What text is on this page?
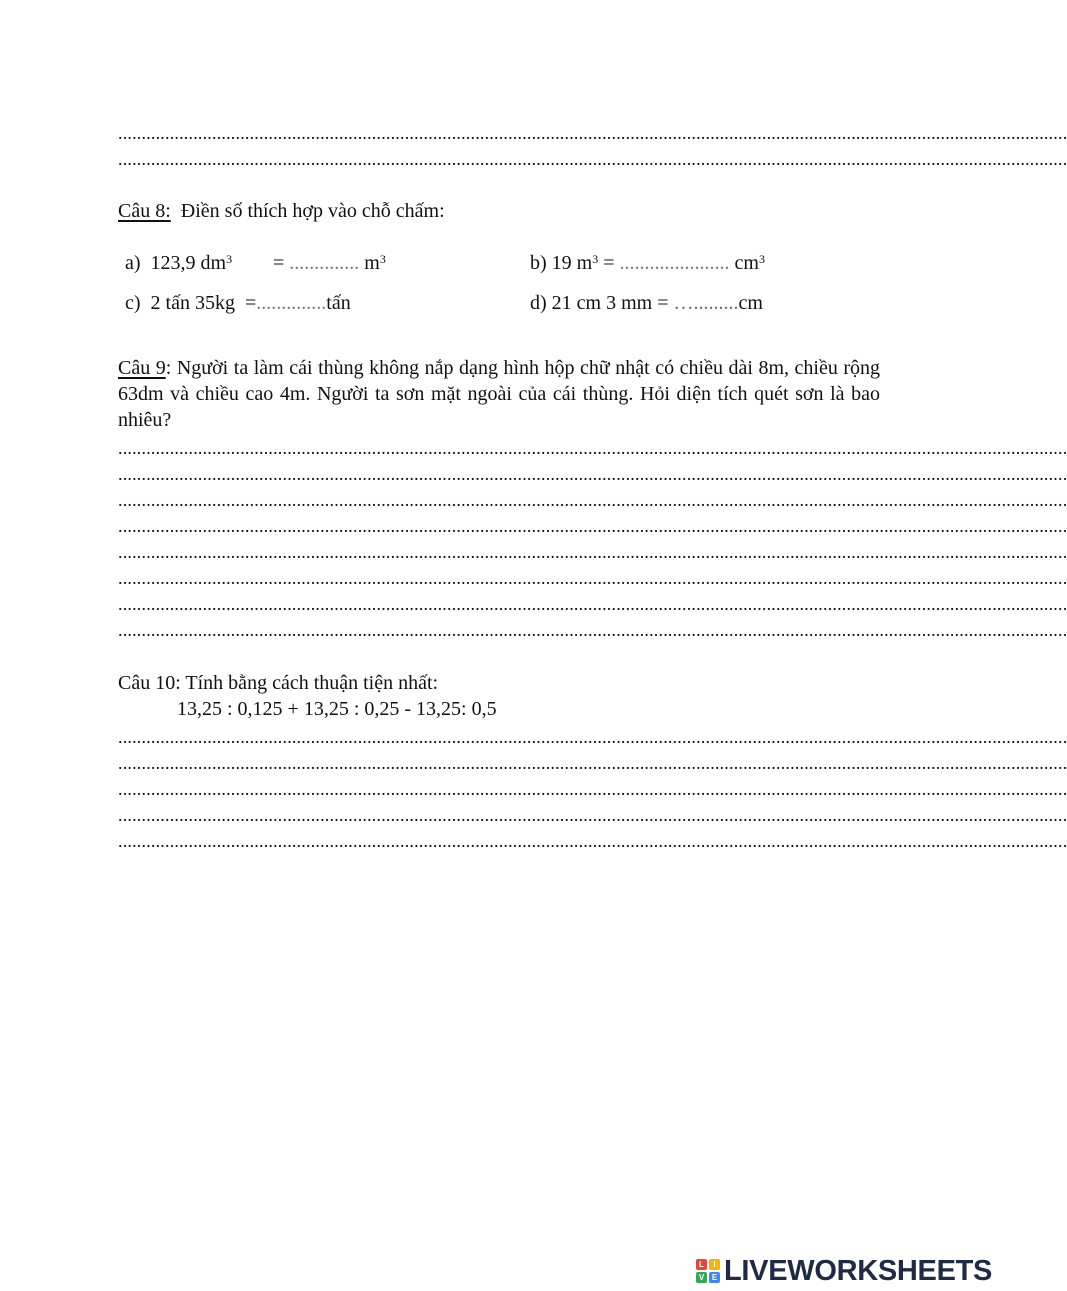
..........................................................................................................................................................................................................
..........................................................................................................................................................................................................
Câu 8: Điền số thích hợp vào chỗ chấm:
a) 123,9 $dm^3$ = .............. $m^3$	b) 19 $m^3$ = ...................... $cm^3$
c) 2 tấn 35kg =..............tấn	d) 21 cm 3 mm = ….........cm
Câu 9: Người ta làm cái thùng không nắp dạng hình hộp chữ nhật có chiều dài 8m, chiều rộng 63dm và chiều cao 4m. Người ta sơn mặt ngoài của cái thùng. Hỏi diện tích quét sơn là bao nhiêu?
..........................................................................................................................................................................................................
..........................................................................................................................................................................................................
..........................................................................................................................................................................................................
..........................................................................................................................................................................................................
..........................................................................................................................................................................................................
..........................................................................................................................................................................................................
..........................................................................................................................................................................................................
..........................................................................................................................................................................................................
Câu 10: Tính bằng cách thuận tiện nhất:
13,25 : 0,125 + 13,25 : 0,25 - 13,25: 0,5
..........................................................................................................................................................................................................
..........................................................................................................................................................................................................
..........................................................................................................................................................................................................
..........................................................................................................................................................................................................
..........................................................................................................................................................................................................
L	I
V E LIVEWORKSHEETS
